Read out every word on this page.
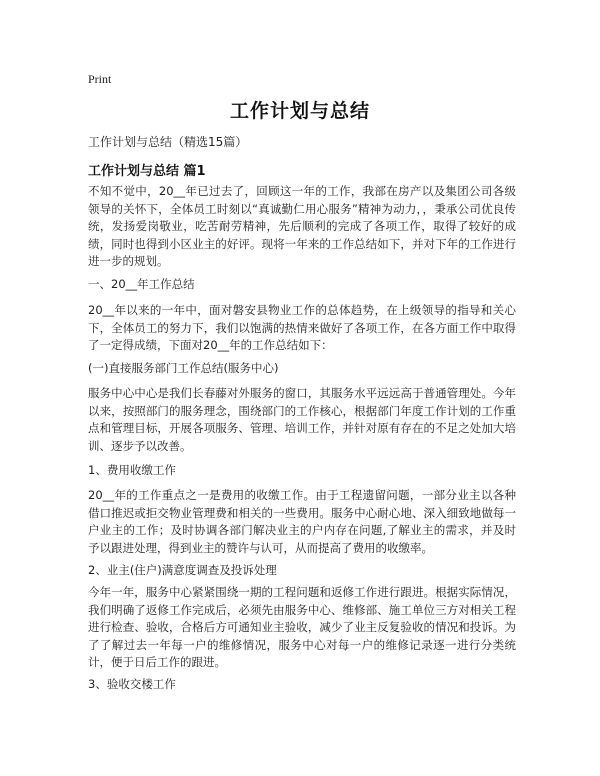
Print
工作计划与总结

工作计划与总结（精选15篇）

工作计划与总结 篇1

不知不觉中，20__年已过去了，回顾这一年的工作，我部在房产以及集团公司各级领导的关怀下，全体员工时刻以“真诚勤仁用心服务”精神为动力，，秉承公司优良传统，发扬爱岗敬业，吃苦耐劳精神，先后顺利的完成了各项工作，取得了较好的成绩，同时也得到小区业主的好评。现将一年来的工作总结如下，并对下年的工作进行进一步的规划。

一、20__年工作总结

20__年以来的一年中，面对磐安县物业工作的总体趋势，在上级领导的指导和关心下，全体员工的努力下，我们以饱满的热情来做好了各项工作，在各方面工作中取得了一定得成绩，下面对20__年的工作总结如下：

(一)直接服务部门工作总结(服务中心)

服务中心中心是我们长春藤对外服务的窗口，其服务水平远远高于普通管理处。今年以来，按照部门的服务理念，围绕部门的工作核心，根据部门年度工作计划的工作重点和管理目标，开展各项服务、管理、培训工作，并针对原有存在的不足之处加大培训、逐步予以改善。

1、费用收缴工作

20__年的工作重点之一是费用的收缴工作。由于工程遗留问题，一部分业主以各种借口推迟或拒交物业管理费和相关的一些费用。服务中心耐心地、深入细致地做每一户业主的工作；及时协调各部门解决业主的户内存在问题,了解业主的需求，并及时予以跟进处理，得到业主的赞许与认可，从而提高了费用的收缴率。

2、业主(住户)满意度调查及投诉处理

今年一年，服务中心紧紧围绕一期的工程问题和返修工作进行跟进。根据实际情况，我们明确了返修工作完成后，必须先由服务中心、维修部、施工单位三方对相关工程进行检查、验收，合格后方可通知业主验收，减少了业主反复验收的情况和投诉。为了了解过去一年每一户的维修情况，服务中心对每一户的维修记录逐一进行分类统计，便于日后工作的跟进。

3、验收交楼工作
